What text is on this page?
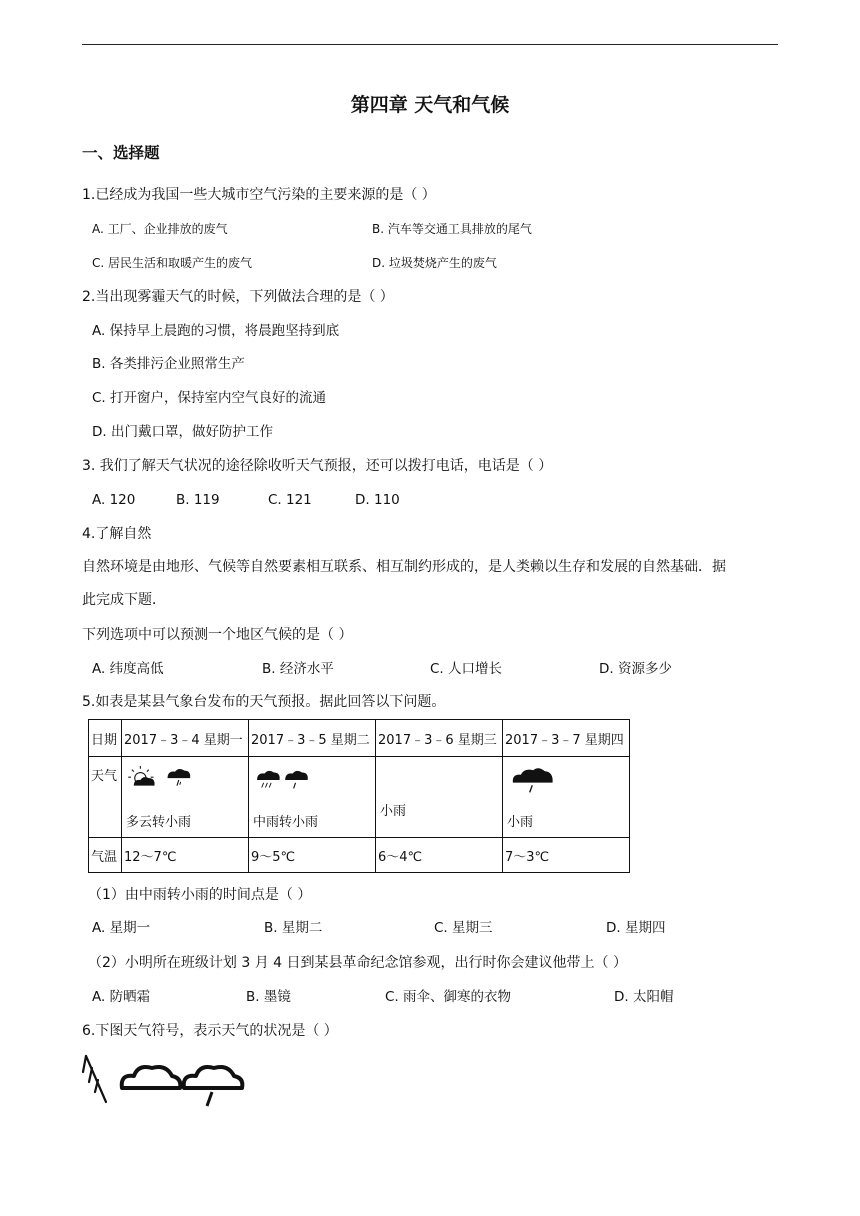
第四章 天气和气候
一、选择题
1.已经成为我国一些大城市空气污染的主要来源的是（ ）
A. 工厂、企业排放的废气	B. 汽车等交通工具排放的尾气
C. 居民生活和取暖产生的废气	D. 垃圾焚烧产生的废气
2.当出现雾霾天气的时候，下列做法合理的是（ ）
A. 保持早上晨跑的习惯，将晨跑坚持到底
B. 各类排污企业照常生产
C. 打开窗户，保持室内空气良好的流通
D. 出门戴口罩，做好防护工作
3. 我们了解天气状况的途径除收听天气预报，还可以拨打电话，电话是（ ）
A. 120	B. 119	C. 121	D. 110
4.了解自然
自然环境是由地形、气候等自然要素相互联系、相互制约形成的，是人类赖以生存和发展的自然基础．据
此完成下题．
下列选项中可以预测一个地区气候的是（ ）
A. 纬度高低	B. 经济水平	C. 人口增长	D. 资源多少
5.如表是某县气象台发布的天气预报。据此回答以下问题。
日期	2017﹣3﹣4 星期一	2017﹣3﹣5 星期二	2017﹣3﹣6 星期三	2017﹣3﹣7 星期四

天气	多云转小雨	中雨转小雨	小雨	小雨

气温	12～7℃	9～5℃	6～4℃	7～3℃
（1）由中雨转小雨的时间点是（ ）
A. 星期一	B. 星期二	C. 星期三	D. 星期四
（2）小明所在班级计划 3 月 4 日到某县革命纪念馆参观，出行时你会建议他带上（ ）
A. 防晒霜	B. 墨镜	C. 雨伞、御寒的衣物	D. 太阳帽
6.下图天气符号，表示天气的状况是（ ）
